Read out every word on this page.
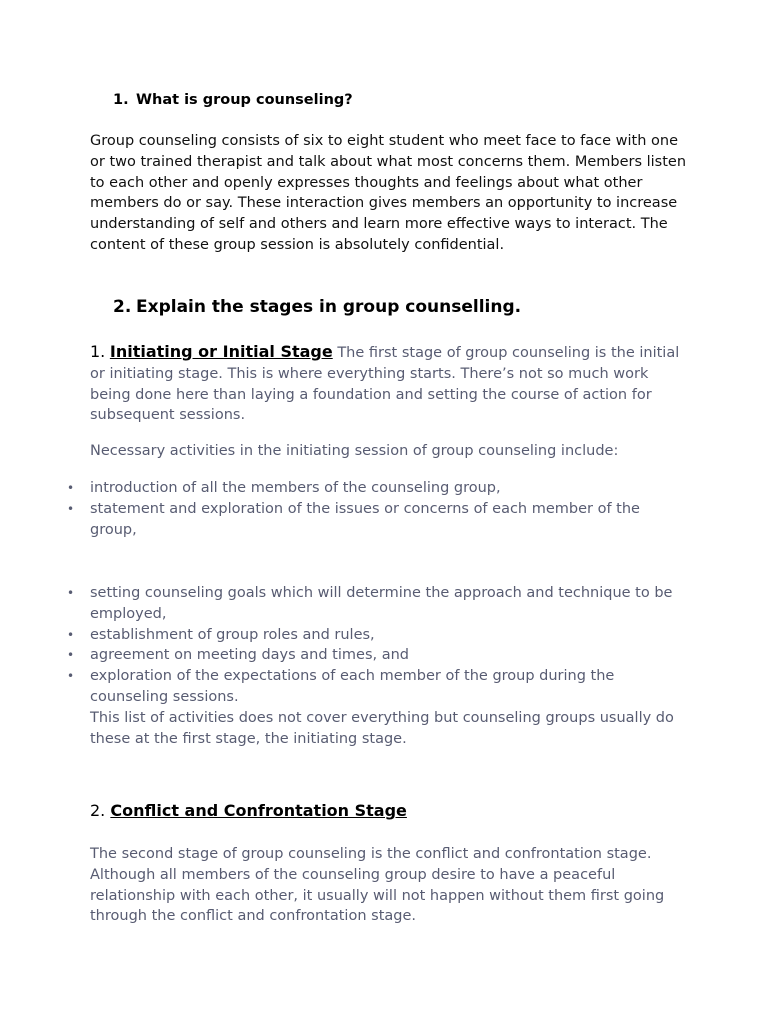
1. What is group counseling?

Group counseling consists of six to eight student who meet face to face with one or two trained therapist and talk about what most concerns them. Members listen to each other and openly expresses thoughts and feelings about what other members do or say. These interaction gives members an opportunity to increase understanding of self and others and learn more effective ways to interact. The content of these group session is absolutely confidential.

2. Explain the stages in group counselling.

1. Initiating or Initial Stage The first stage of group counseling is the initial or initiating stage. This is where everything starts. There’s not so much work being done here than laying a foundation and setting the course of action for subsequent sessions.

Necessary activities in the initiating session of group counseling include:

• introduction of all the members of the counseling group,
• statement and exploration of the issues or concerns of each member of the group,
• setting counseling goals which will determine the approach and technique to be employed,
• establishment of group roles and rules,
• agreement on meeting days and times, and
• exploration of the expectations of each member of the group during the counseling sessions.
This list of activities does not cover everything but counseling groups usually do these at the first stage, the initiating stage.
2. Conflict and Confrontation Stage

The second stage of group counseling is the conflict and confrontation stage. Although all members of the counseling group desire to have a peaceful relationship with each other, it usually will not happen without them first going through the conflict and confrontation stage.
